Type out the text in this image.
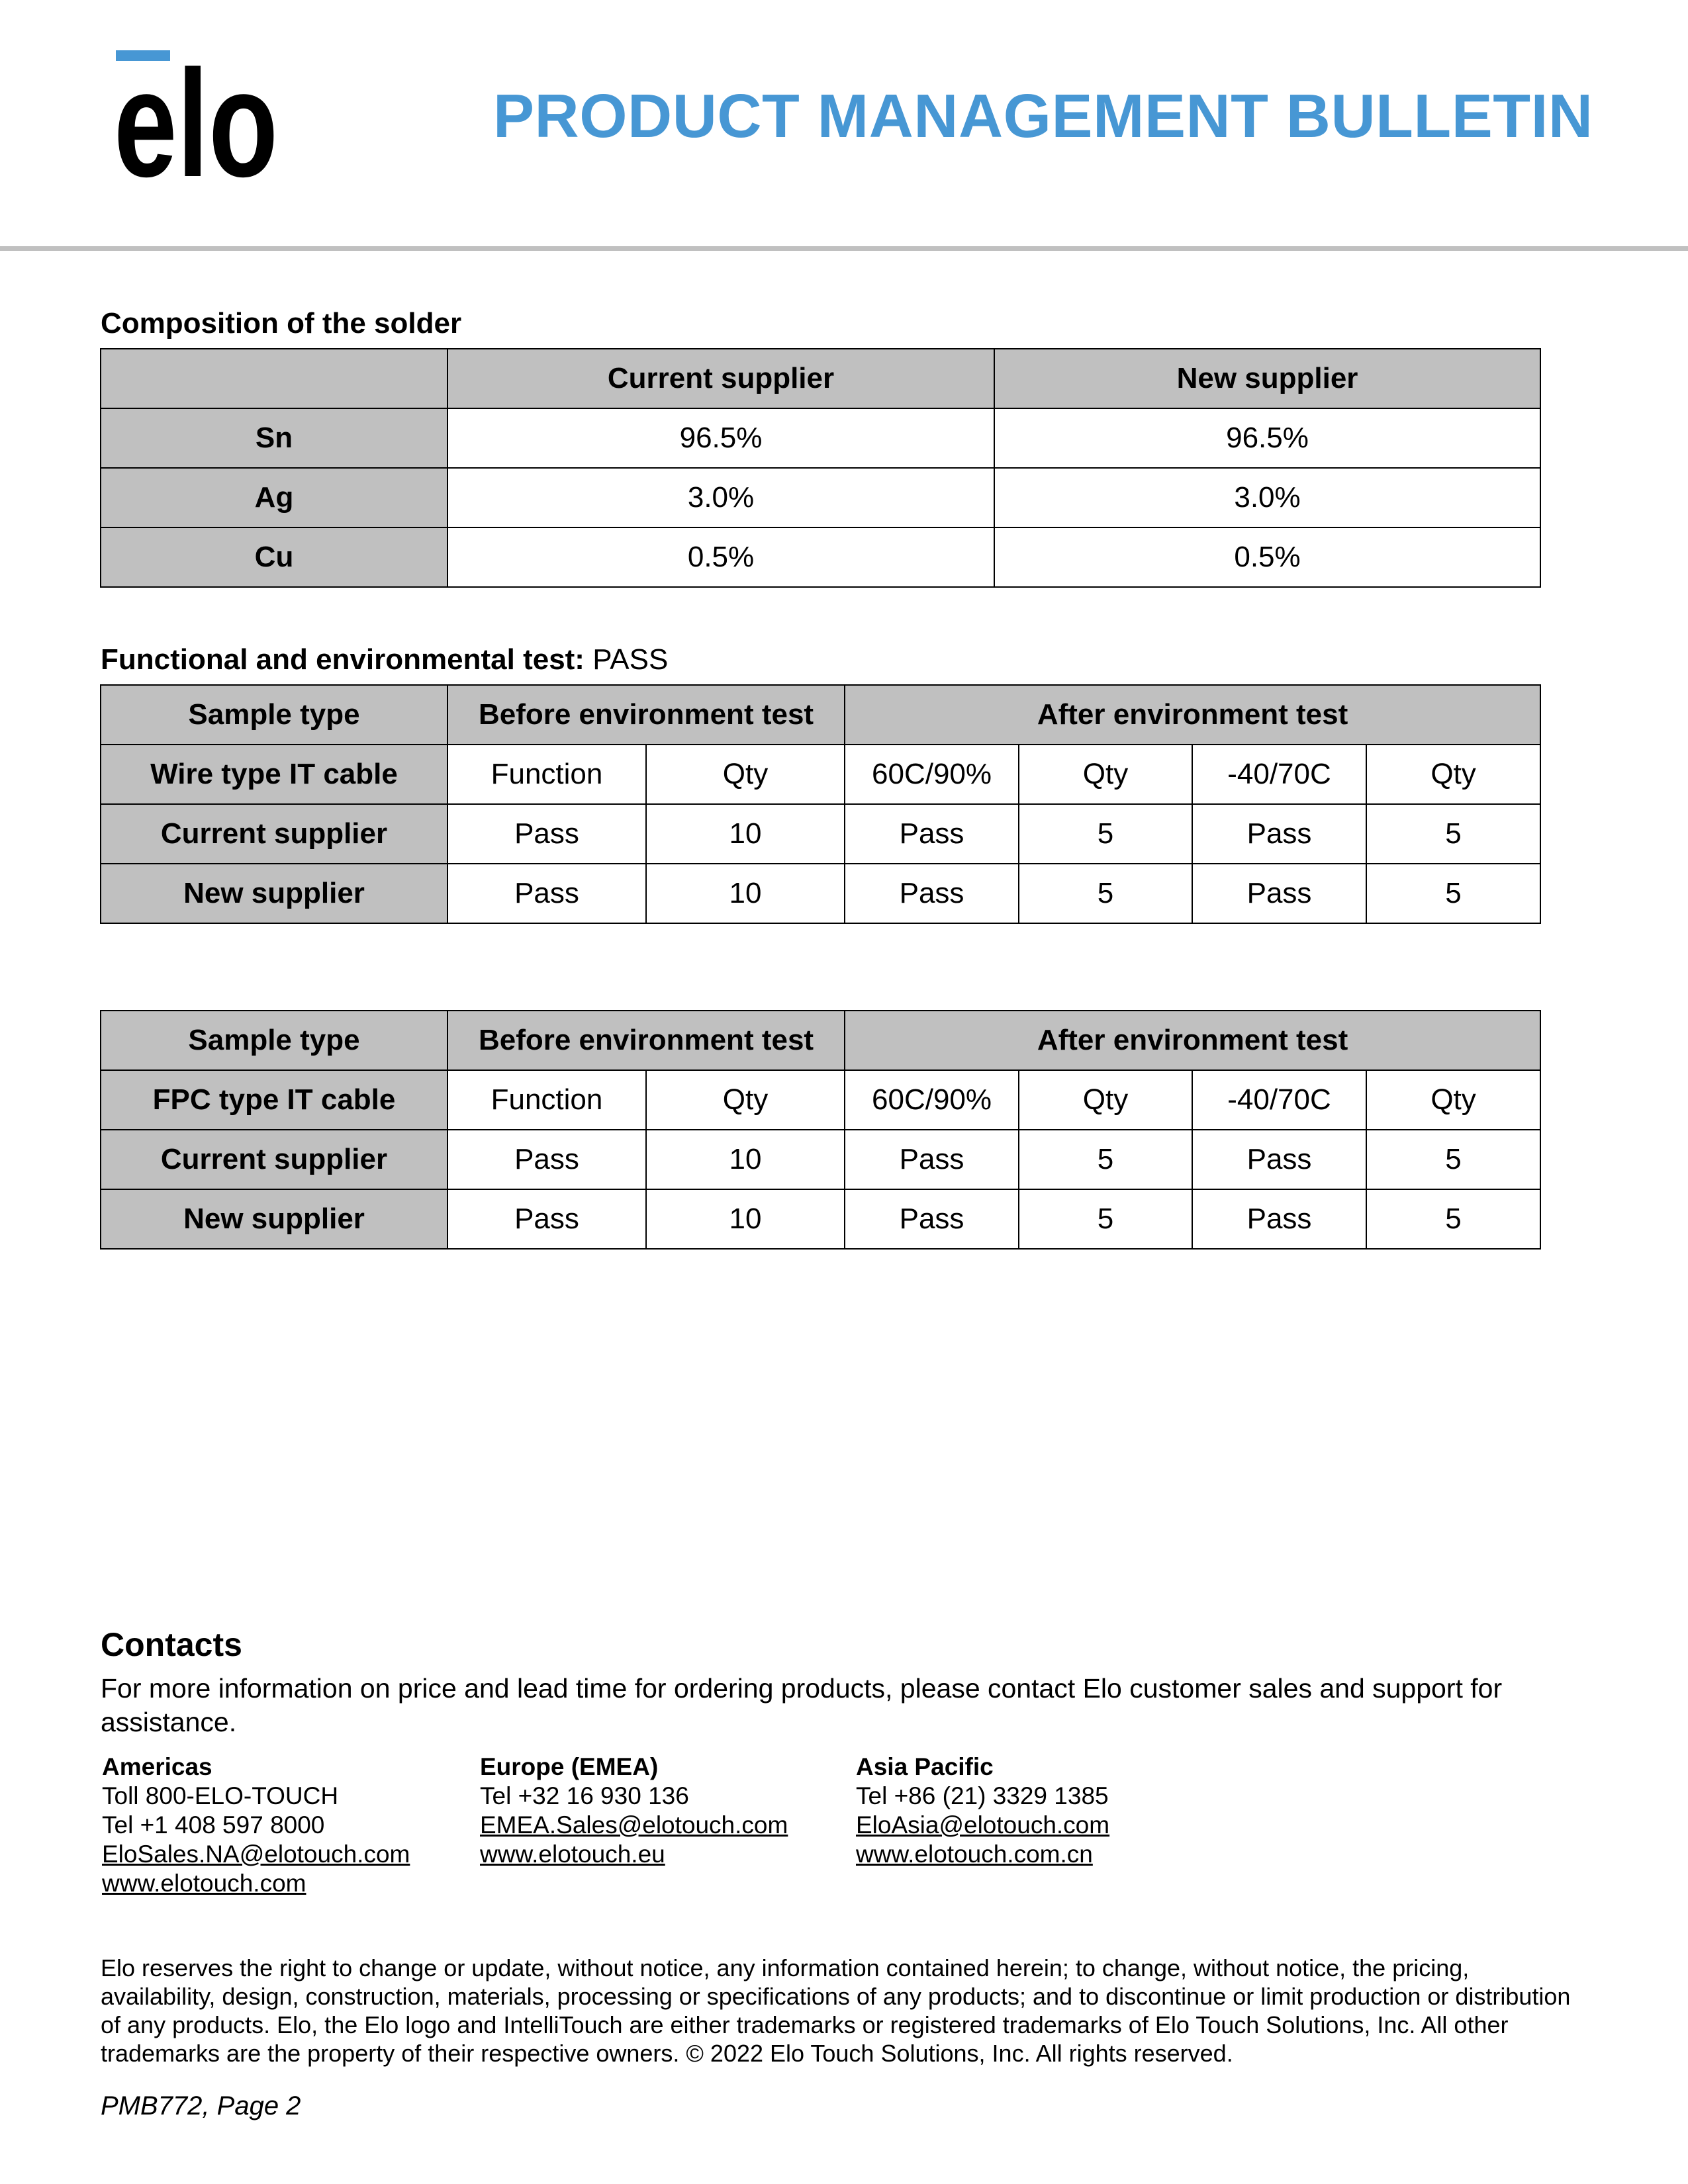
elo	PRODUCT MANAGEMENT BULLETIN
Composition of the solder
	Current supplier	New supplier
Sn	96.5%	96.5%
Ag	3.0%	3.0%
Cu	0.5%	0.5%
Functional and environmental test: PASS
Sample type	Before environment test		After environment test			
Wire type IT cable	Function	Qty	60C/90%	Qty	-40/70C	Qty
Current supplier	Pass	10	Pass	5	Pass	5
New supplier	Pass	10	Pass	5	Pass	5
Sample type	Before environment test		After environment test			
FPC type IT cable	Function	Qty	60C/90%	Qty	-40/70C	Qty
Current supplier	Pass	10	Pass	5	Pass	5
New supplier	Pass	10	Pass	5	Pass	5
Contacts
For more information on price and lead time for ordering products, please contact Elo customer sales and support for assistance.
Americas
Toll 800-ELO-TOUCH
Tel +1 408 597 8000
EloSales.NA@elotouch.com
www.elotouch.com
Europe (EMEA)
Tel +32 16 930 136
EMEA.Sales@elotouch.com
www.elotouch.eu
Asia Pacific
Tel +86 (21) 3329 1385
EloAsia@elotouch.com
www.elotouch.com.cn
Elo reserves the right to change or update, without notice, any information contained herein; to change, without notice, the pricing, availability, design, construction, materials, processing or specifications of any products; and to discontinue or limit production or distribution of any products. Elo, the Elo logo and IntelliTouch are either trademarks or registered trademarks of Elo Touch Solutions, Inc. All other trademarks are the property of their respective owners. © 2022 Elo Touch Solutions, Inc. All rights reserved.
PMB772, Page 2
